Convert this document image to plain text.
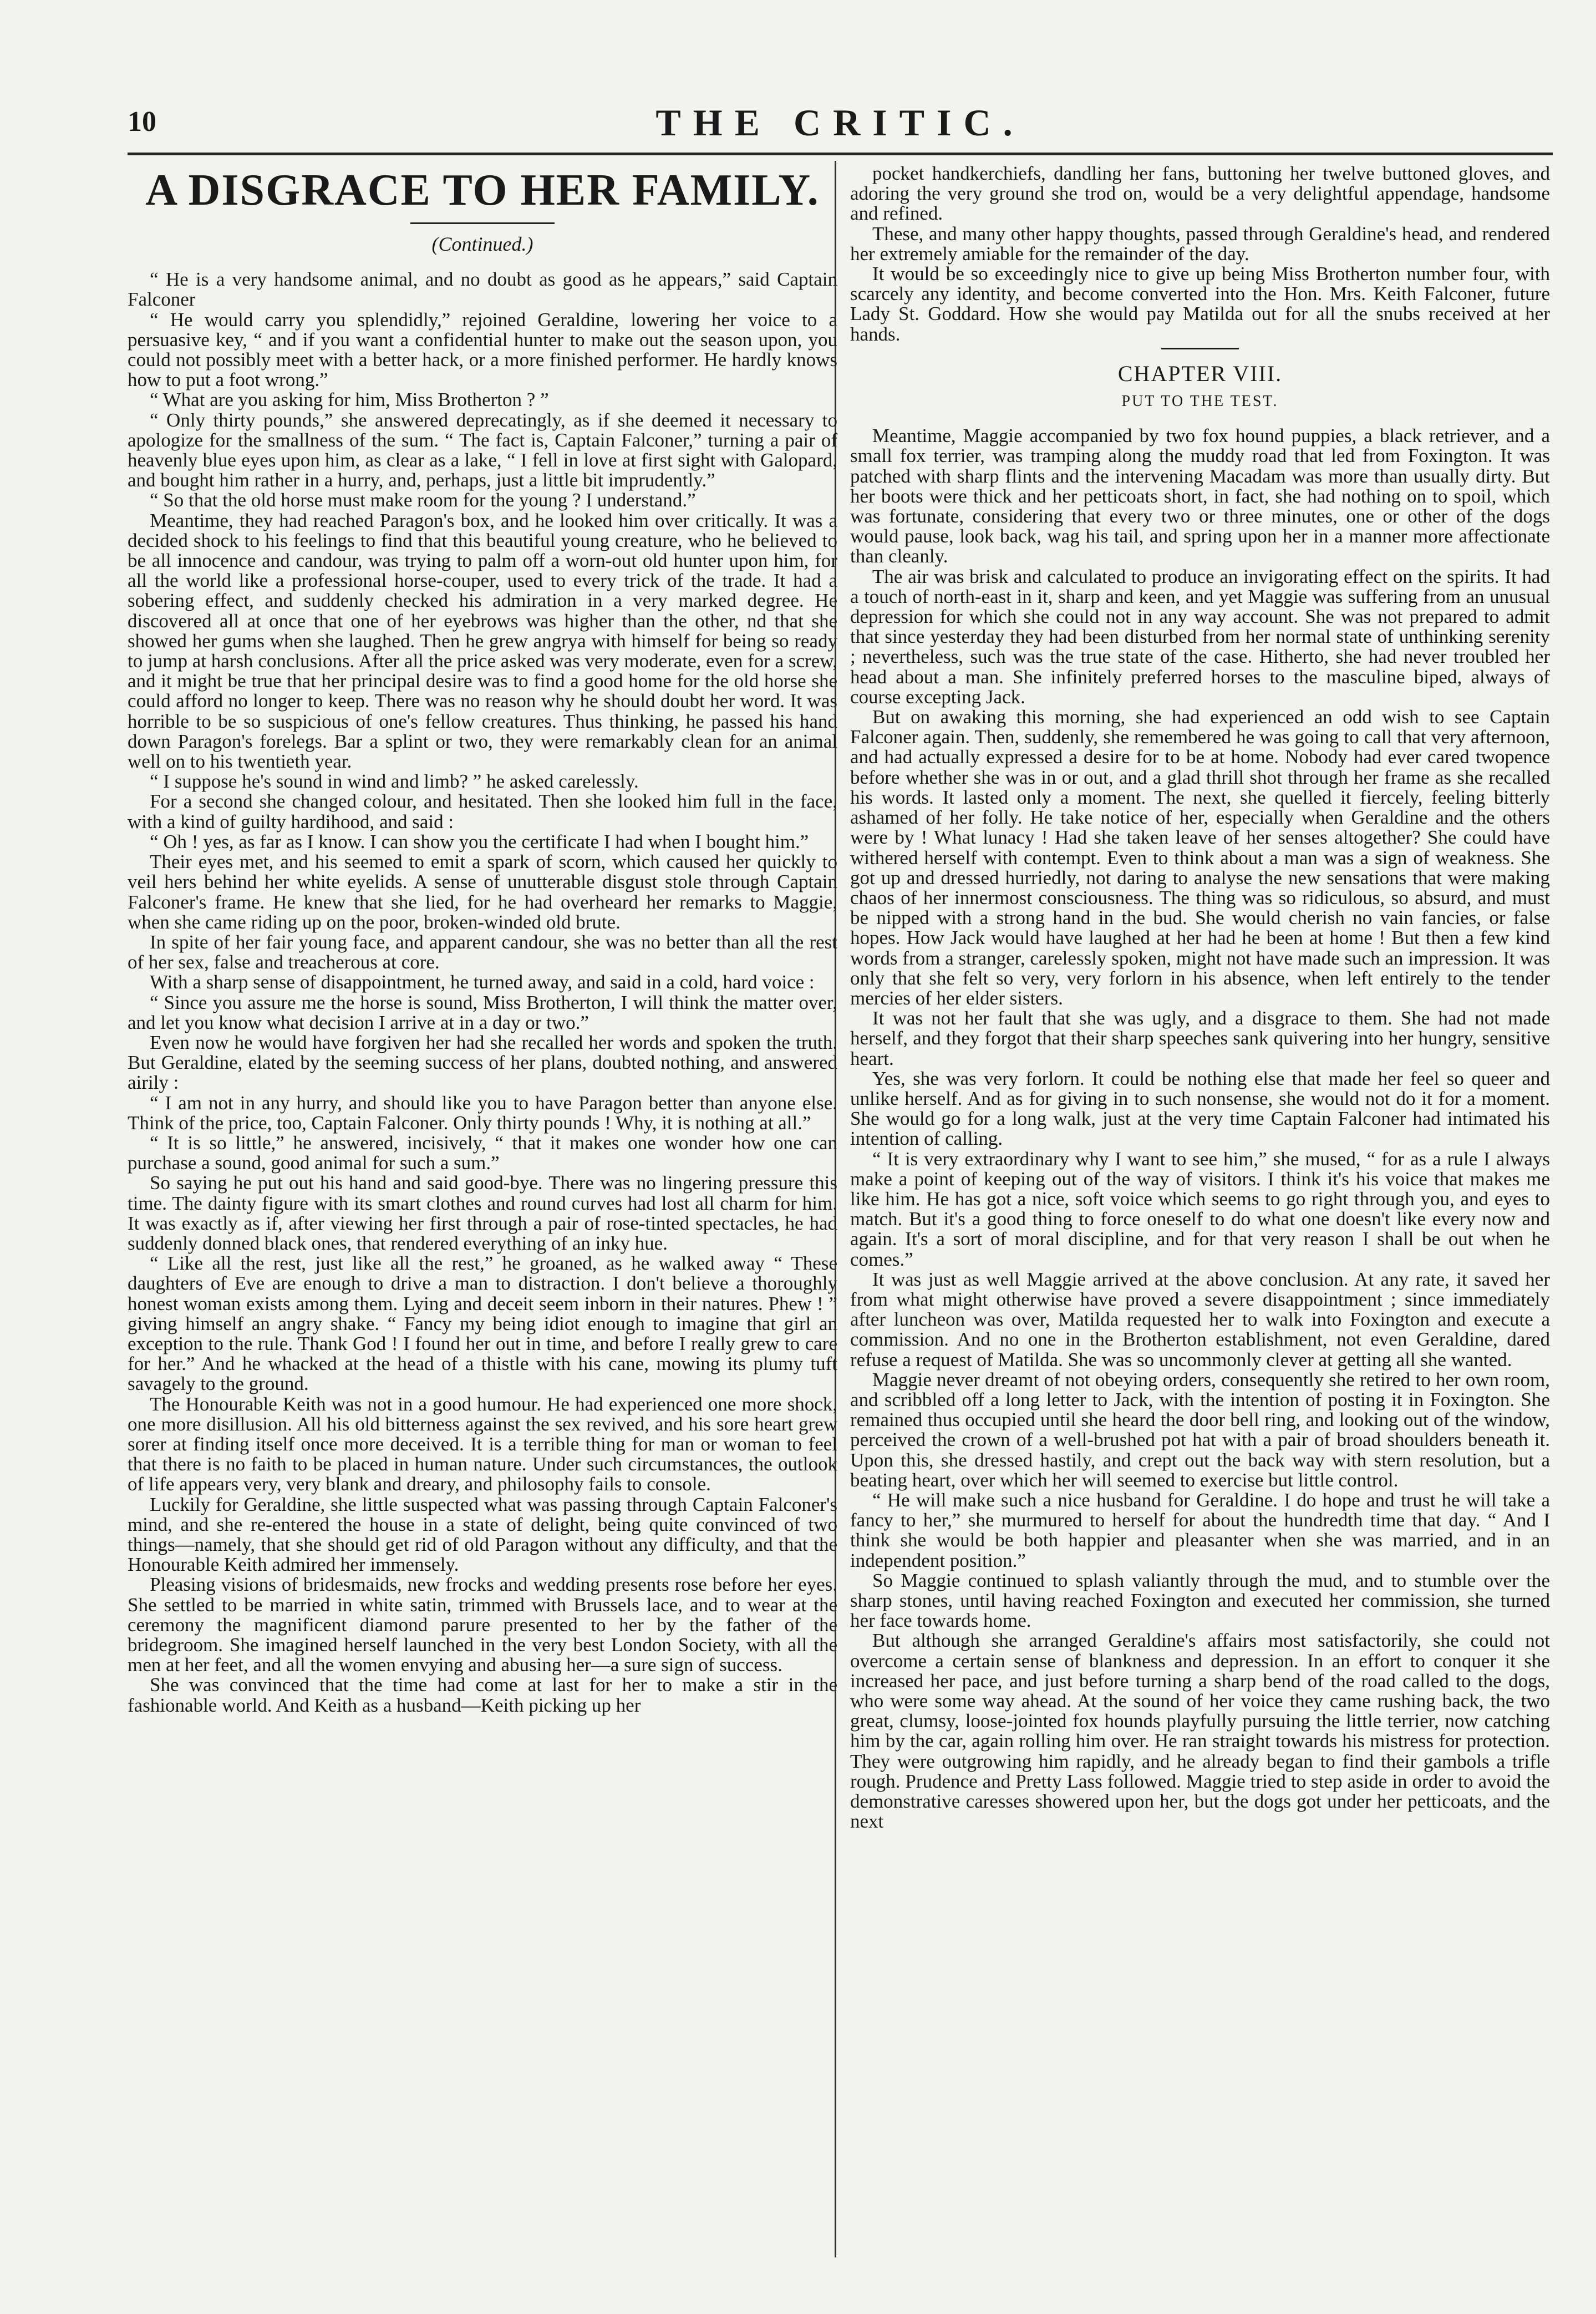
10	THE CRITIC.
A DISGRACE TO HER FAMILY.
(Continued.)

“ He is a very handsome animal, and no doubt as good as he appears,” said Captain Falconer

“ He would carry you splendidly,” rejoined Geraldine, lowering her voice to a persuasive key, “ and if you want a confidential hunter to make out the season upon, you could not possibly meet with a better hack, or a more finished performer. He hardly knows how to put a foot wrong.”

“ What are you asking for him, Miss Brotherton ? ”

“ Only thirty pounds,” she answered deprecatingly, as if she deemed it necessary to apologize for the smallness of the sum. “ The fact is, Captain Falconer,” turning a pair of heavenly blue eyes upon him, as clear as a lake, “ I fell in love at first sight with Galopard, and bought him rather in a hurry, and, perhaps, just a little bit imprudently.”

“ So that the old horse must make room for the young ? I understand.”

Meantime, they had reached Paragon's box, and he looked him over critically. It was a decided shock to his feelings to find that this beautiful young creature, who he believed to be all innocence and candour, was trying to palm off a worn-out old hunter upon him, for all the world like a professional horse-couper, used to every trick of the trade. It had a sobering effect, and suddenly checked his admiration in a very marked degree. He discovered all at once that one of her eyebrows was higher than the other, nd that she showed her gums when she laughed. Then he grew angrya with himself for being so ready to jump at harsh conclusions. After all the price asked was very moderate, even for a screw, and it might be true that her principal desire was to find a good home for the old horse she could afford no longer to keep. There was no reason why he should doubt her word. It was horrible to be so suspicious of one's fellow creatures. Thus thinking, he passed his hand down Paragon's forelegs. Bar a splint or two, they were remarkably clean for an animal well on to his twentieth year.

“ I suppose he's sound in wind and limb? ” he asked carelessly.

For a second she changed colour, and hesitated. Then she looked him full in the face, with a kind of guilty hardihood, and said :

“ Oh ! yes, as far as I know. I can show you the certificate I had when I bought him.”

Their eyes met, and his seemed to emit a spark of scorn, which caused her quickly to veil hers behind her white eyelids. A sense of unutterable disgust stole through Captain Falconer's frame. He knew that she lied, for he had overheard her remarks to Maggie, when she came riding up on the poor, broken-winded old brute.

In spite of her fair young face, and apparent candour, she was no better than all the rest of her sex, false and treacherous at core.

With a sharp sense of disappointment, he turned away, and said in a cold, hard voice :

“ Since you assure me the horse is sound, Miss Brotherton, I will think the matter over, and let you know what decision I arrive at in a day or two.”

Even now he would have forgiven her had she recalled her words and spoken the truth. But Geraldine, elated by the seeming success of her plans, doubted nothing, and answered airily :

“ I am not in any hurry, and should like you to have Paragon better than anyone else. Think of the price, too, Captain Falconer. Only thirty pounds ! Why, it is nothing at all.”

“ It is so little,” he answered, incisively, “ that it makes one wonder how one can purchase a sound, good animal for such a sum.”

So saying he put out his hand and said good-bye. There was no lingering pressure this time. The dainty figure with its smart clothes and round curves had lost all charm for him. It was exactly as if, after viewing her first through a pair of rose-tinted spectacles, he had suddenly donned black ones, that rendered everything of an inky hue.

“ Like all the rest, just like all the rest,” he groaned, as he walked away “ These daughters of Eve are enough to drive a man to distraction. I don't believe a thoroughly honest woman exists among them. Lying and deceit seem inborn in their natures. Phew ! ” giving himself an angry shake. “ Fancy my being idiot enough to imagine that girl an exception to the rule. Thank God ! I found her out in time, and before I really grew to care for her.” And he whacked at the head of a thistle with his cane, mowing its plumy tuft savagely to the ground.

The Honourable Keith was not in a good humour. He had experienced one more shock, one more disillusion. All his old bitterness against the sex revived, and his sore heart grew sorer at finding itself once more deceived. It is a terrible thing for man or woman to feel that there is no faith to be placed in human nature. Under such circumstances, the outlook of life appears very, very blank and dreary, and philosophy fails to console.

Luckily for Geraldine, she little suspected what was passing through Captain Falconer's mind, and she re-entered the house in a state of delight, being quite convinced of two things—namely, that she should get rid of old Paragon without any difficulty, and that the Honourable Keith admired her immensely.

Pleasing visions of bridesmaids, new frocks and wedding presents rose before her eyes. She settled to be married in white satin, trimmed with Brussels lace, and to wear at the ceremony the magnificent diamond parure presented to her by the father of the bridegroom. She imagined herself launched in the very best London Society, with all the men at her feet, and all the women envying and abusing her—a sure sign of success.

She was convinced that the time had come at last for her to make a stir in the fashionable world. And Keith as a husband—Keith picking up her

pocket handkerchiefs, dandling her fans, buttoning her twelve buttoned gloves, and adoring the very ground she trod on, would be a very delightful appendage, handsome and refined.

These, and many other happy thoughts, passed through Geraldine's head, and rendered her extremely amiable for the remainder of the day.

It would be so exceedingly nice to give up being Miss Brotherton number four, with scarcely any identity, and become converted into the Hon. Mrs. Keith Falconer, future Lady St. Goddard. How she would pay Matilda out for all the snubs received at her hands.

CHAPTER VIII.
PUT TO THE TEST.

Meantime, Maggie accompanied by two fox hound puppies, a black retriever, and a small fox terrier, was tramping along the muddy road that led from Foxington. It was patched with sharp flints and the intervening Macadam was more than usually dirty. But her boots were thick and her petticoats short, in fact, she had nothing on to spoil, which was fortunate, considering that every two or three minutes, one or other of the dogs would pause, look back, wag his tail, and spring upon her in a manner more affectionate than cleanly.

The air was brisk and calculated to produce an invigorating effect on the spirits. It had a touch of north-east in it, sharp and keen, and yet Maggie was suffering from an unusual depression for which she could not in any way account. She was not prepared to admit that since yesterday they had been disturbed from her normal state of unthinking serenity ; nevertheless, such was the true state of the case. Hitherto, she had never troubled her head about a man. She infinitely preferred horses to the masculine biped, always of course excepting Jack.

But on awaking this morning, she had experienced an odd wish to see Captain Falconer again. Then, suddenly, she remembered he was going to call that very afternoon, and had actually expressed a desire for to be at home. Nobody had ever cared twopence before whether she was in or out, and a glad thrill shot through her frame as she recalled his words. It lasted only a moment. The next, she quelled it fiercely, feeling bitterly ashamed of her folly. He take notice of her, especially when Geraldine and the others were by ! What lunacy ! Had she taken leave of her senses altogether? She could have withered herself with contempt. Even to think about a man was a sign of weakness. She got up and dressed hurriedly, not daring to analyse the new sensations that were making chaos of her innermost consciousness. The thing was so ridiculous, so absurd, and must be nipped with a strong hand in the bud. She would cherish no vain fancies, or false hopes. How Jack would have laughed at her had he been at home ! But then a few kind words from a stranger, carelessly spoken, might not have made such an impression. It was only that she felt so very, very forlorn in his absence, when left entirely to the tender mercies of her elder sisters.

It was not her fault that she was ugly, and a disgrace to them. She had not made herself, and they forgot that their sharp speeches sank quivering into her hungry, sensitive heart.

Yes, she was very forlorn. It could be nothing else that made her feel so queer and unlike herself. And as for giving in to such nonsense, she would not do it for a moment. She would go for a long walk, just at the very time Captain Falconer had intimated his intention of calling.

“ It is very extraordinary why I want to see him,” she mused, “ for as a rule I always make a point of keeping out of the way of visitors. I think it's his voice that makes me like him. He has got a nice, soft voice which seems to go right through you, and eyes to match. But it's a good thing to force oneself to do what one doesn't like every now and again. It's a sort of moral discipline, and for that very reason I shall be out when he comes.”

It was just as well Maggie arrived at the above conclusion. At any rate, it saved her from what might otherwise have proved a severe disappointment ; since immediately after luncheon was over, Matilda requested her to walk into Foxington and execute a commission. And no one in the Brotherton establishment, not even Geraldine, dared refuse a request of Matilda. She was so uncommonly clever at getting all she wanted.

Maggie never dreamt of not obeying orders, consequently she retired to her own room, and scribbled off a long letter to Jack, with the intention of posting it in Foxington. She remained thus occupied until she heard the door bell ring, and looking out of the window, perceived the crown of a well-brushed pot hat with a pair of broad shoulders beneath it. Upon this, she dressed hastily, and crept out the back way with stern resolution, but a beating heart, over which her will seemed to exercise but little control.

“ He will make such a nice husband for Geraldine. I do hope and trust he will take a fancy to her,” she murmured to herself for about the hundredth time that day. “ And I think she would be both happier and pleasanter when she was married, and in an independent position.”

So Maggie continued to splash valiantly through the mud, and to stumble over the sharp stones, until having reached Foxington and executed her commission, she turned her face towards home.

But although she arranged Geraldine's affairs most satisfactorily, she could not overcome a certain sense of blankness and depression. In an effort to conquer it she increased her pace, and just before turning a sharp bend of the road called to the dogs, who were some way ahead. At the sound of her voice they came rushing back, the two great, clumsy, loose-jointed fox hounds playfully pursuing the little terrier, now catching him by the car, again rolling him over. He ran straight towards his mistress for protection. They were outgrowing him rapidly, and he already began to find their gambols a trifle rough. Prudence and Pretty Lass followed. Maggie tried to step aside in order to avoid the demonstrative caresses showered upon her, but the dogs got under her petticoats, and the next
